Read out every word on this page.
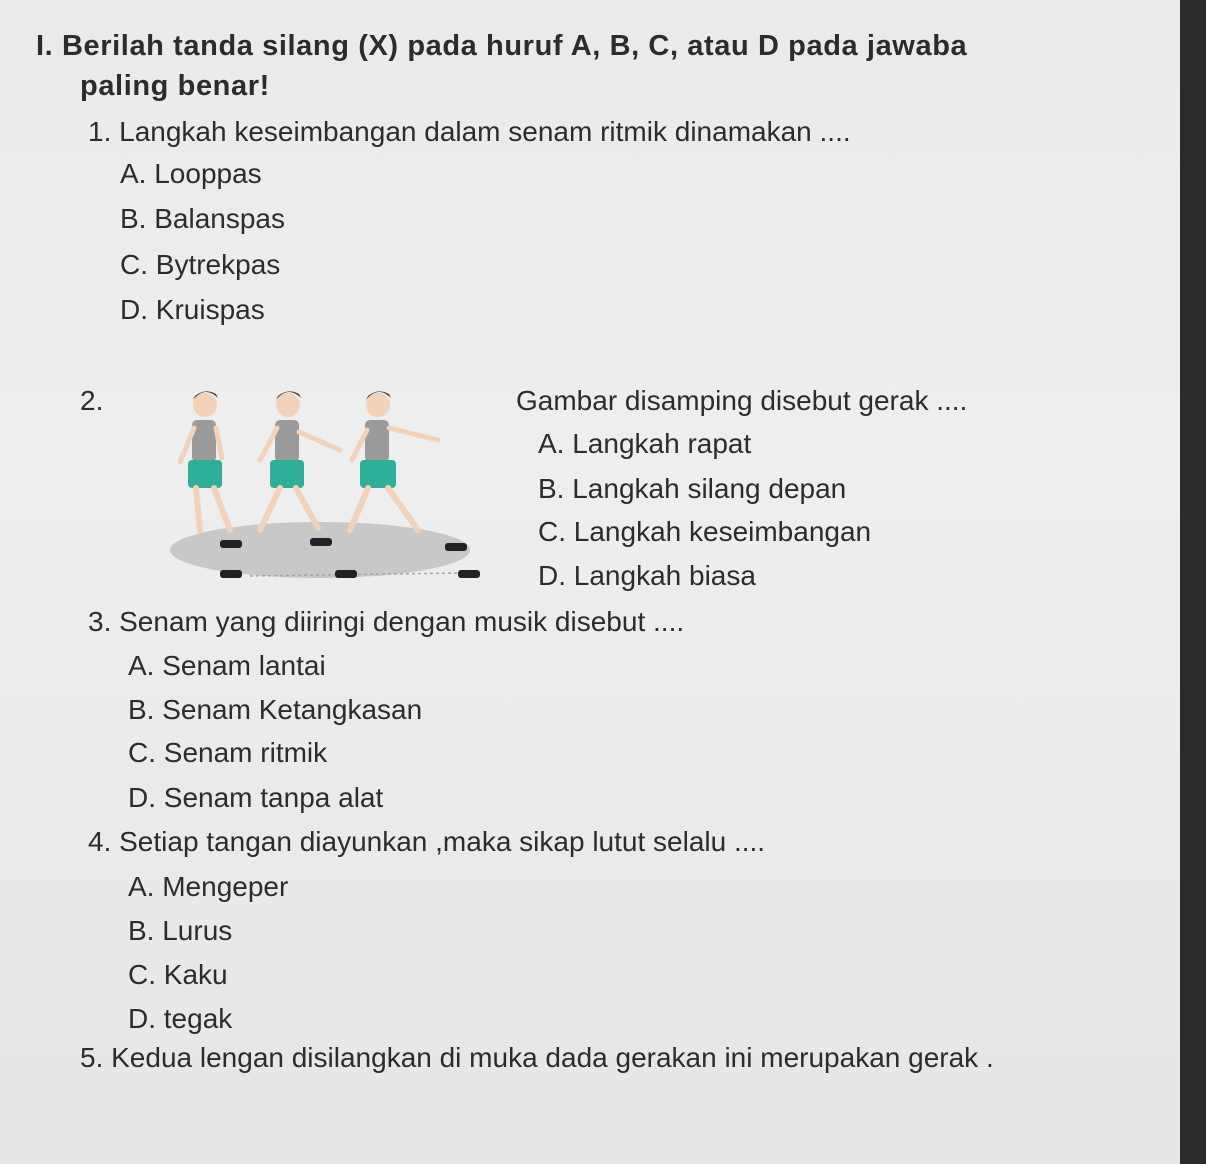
I. Berilah tanda silang (X) pada huruf A, B, C, atau D pada jawaba
paling benar!
1. Langkah keseimbangan dalam senam ritmik dinamakan ....
A. Looppas
B. Balanspas
C. Bytrekpas
D. Kruispas
2.	Gambar disamping disebut gerak ....
A. Langkah rapat
B. Langkah silang depan
C. Langkah keseimbangan
D. Langkah biasa
3. Senam yang diiringi dengan musik disebut ....
A. Senam lantai
B. Senam Ketangkasan
C. Senam ritmik
D. Senam tanpa alat
4. Setiap tangan diayunkan ,maka sikap lutut selalu ....
A. Mengeper
B. Lurus
C. Kaku
D. tegak
5. Kedua lengan disilangkan di muka dada gerakan ini merupakan gerak .
